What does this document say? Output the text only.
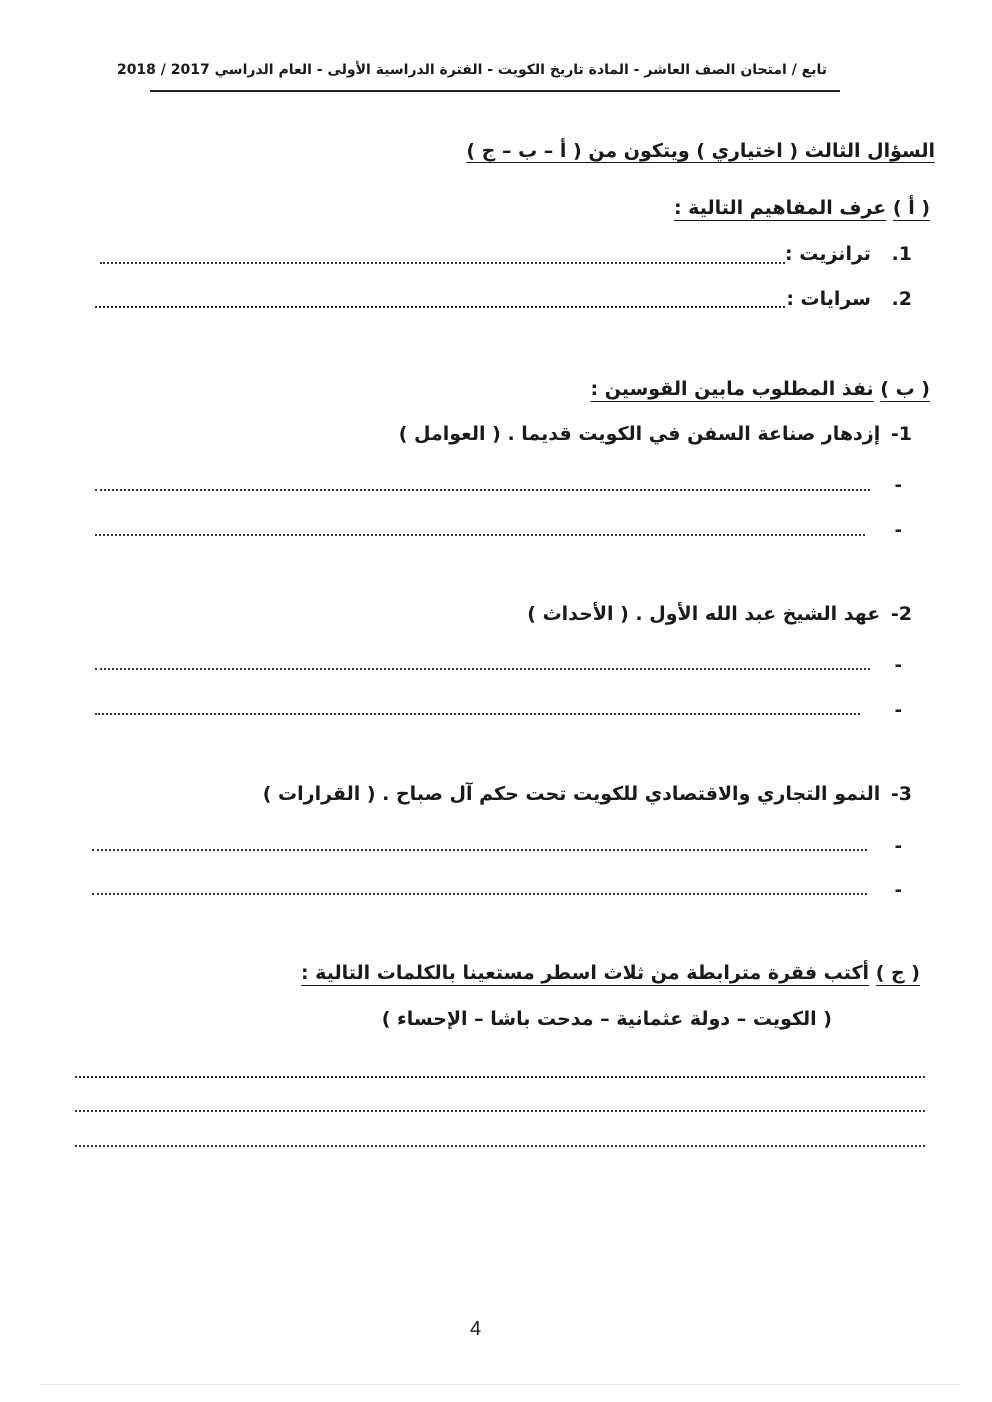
تابع / امتحان الصف العاشر - المادة تاريخ الكويت - الفترة الدراسية الأولى - العام الدراسي 2017 / 2018
السؤال الثالث ( اختياري ) ويتكون من ( أ – ب – ج )
( أ ) عرف المفاهيم التالية :
1. ترانزيت :
2. سرايات :
( ب ) نفذ المطلوب مابين القوسين :
1- إزدهار صناعة السفن في الكويت قديما . ( العوامل )
-
-
2- عهد الشيخ عبد الله الأول . ( الأحداث )
-
-
3- النمو التجاري والاقتصادي للكويت تحت حكم آل صباح . ( القرارات )
-
-
( ج ) أكتب فقرة مترابطة من ثلاث اسطر مستعينا بالكلمات التالية :
( الكويت – دولة عثمانية – مدحت باشا – الإحساء )
4
